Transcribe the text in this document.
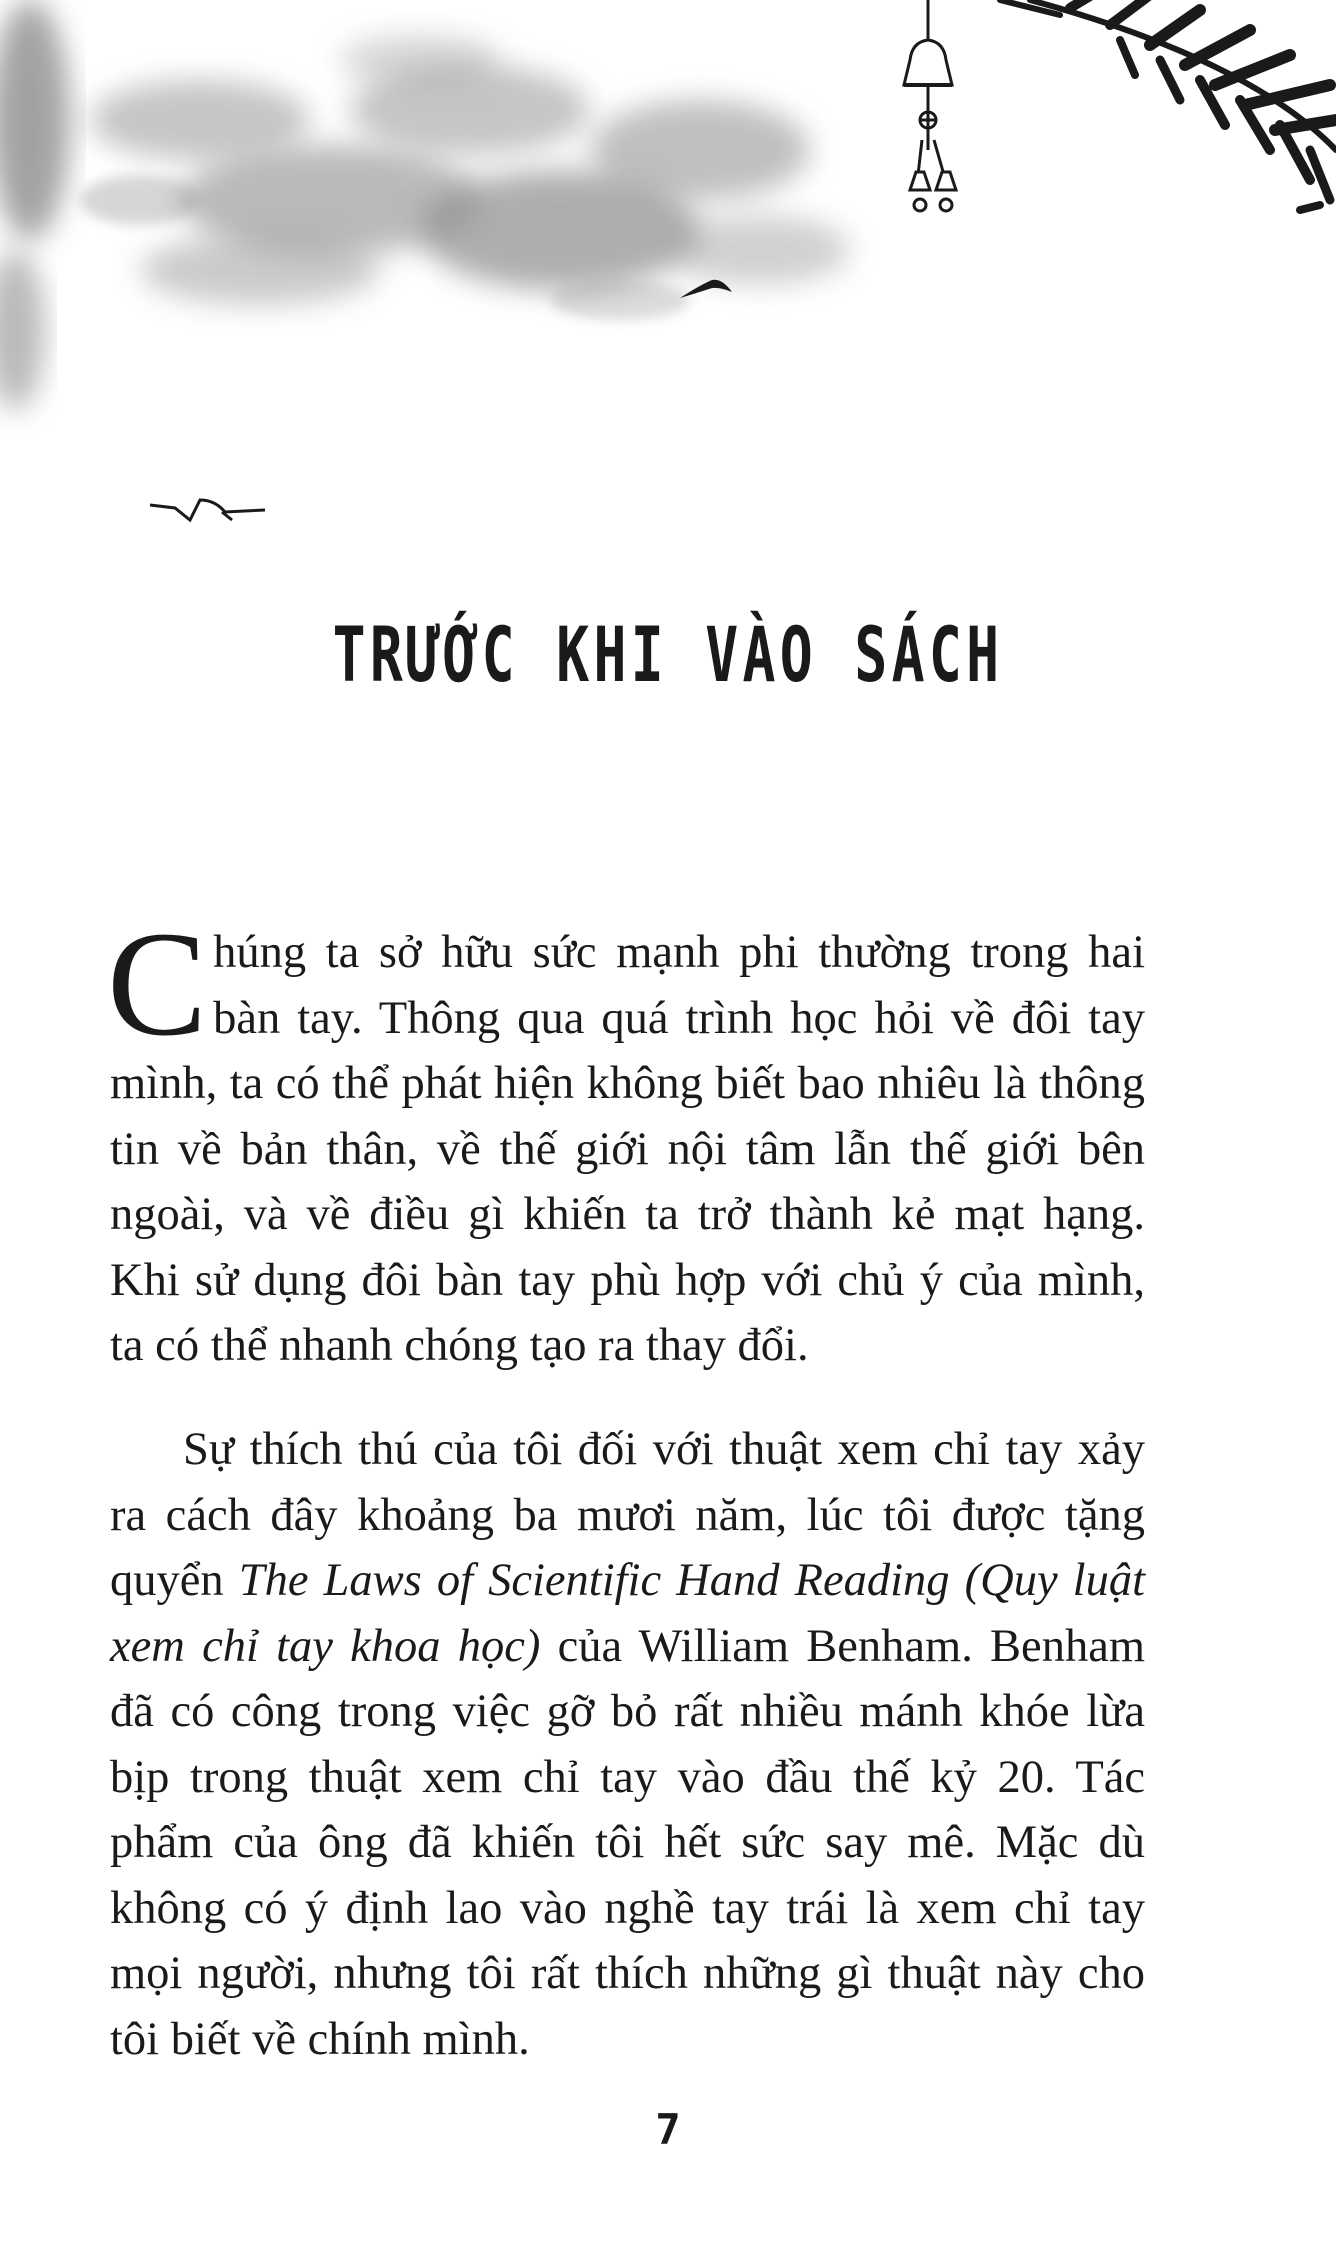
TRƯỚC KHI VÀO SÁCH
Chúng ta sở hữu sức mạnh phi thường trong hai bàn tay. Thông qua quá trình học hỏi về đôi tay mình, ta có thể phát hiện không biết bao nhiêu là thông tin về bản thân, về thế giới nội tâm lẫn thế giới bên ngoài, và về điều gì khiến ta trở thành kẻ mạt hạng. Khi sử dụng đôi bàn tay phù hợp với chủ ý của mình, ta có thể nhanh chóng tạo ra thay đổi.
Sự thích thú của tôi đối với thuật xem chỉ tay xảy ra cách đây khoảng ba mươi năm, lúc tôi được tặng quyển The Laws of Scientific Hand Reading (Quy luật xem chỉ tay khoa học) của William Benham. Benham đã có công trong việc gỡ bỏ rất nhiều mánh khóe lừa bịp trong thuật xem chỉ tay vào đầu thế kỷ 20. Tác phẩm của ông đã khiến tôi hết sức say mê. Mặc dù không có ý định lao vào nghề tay trái là xem chỉ tay mọi người, nhưng tôi rất thích những gì thuật này cho tôi biết về chính mình.
7
